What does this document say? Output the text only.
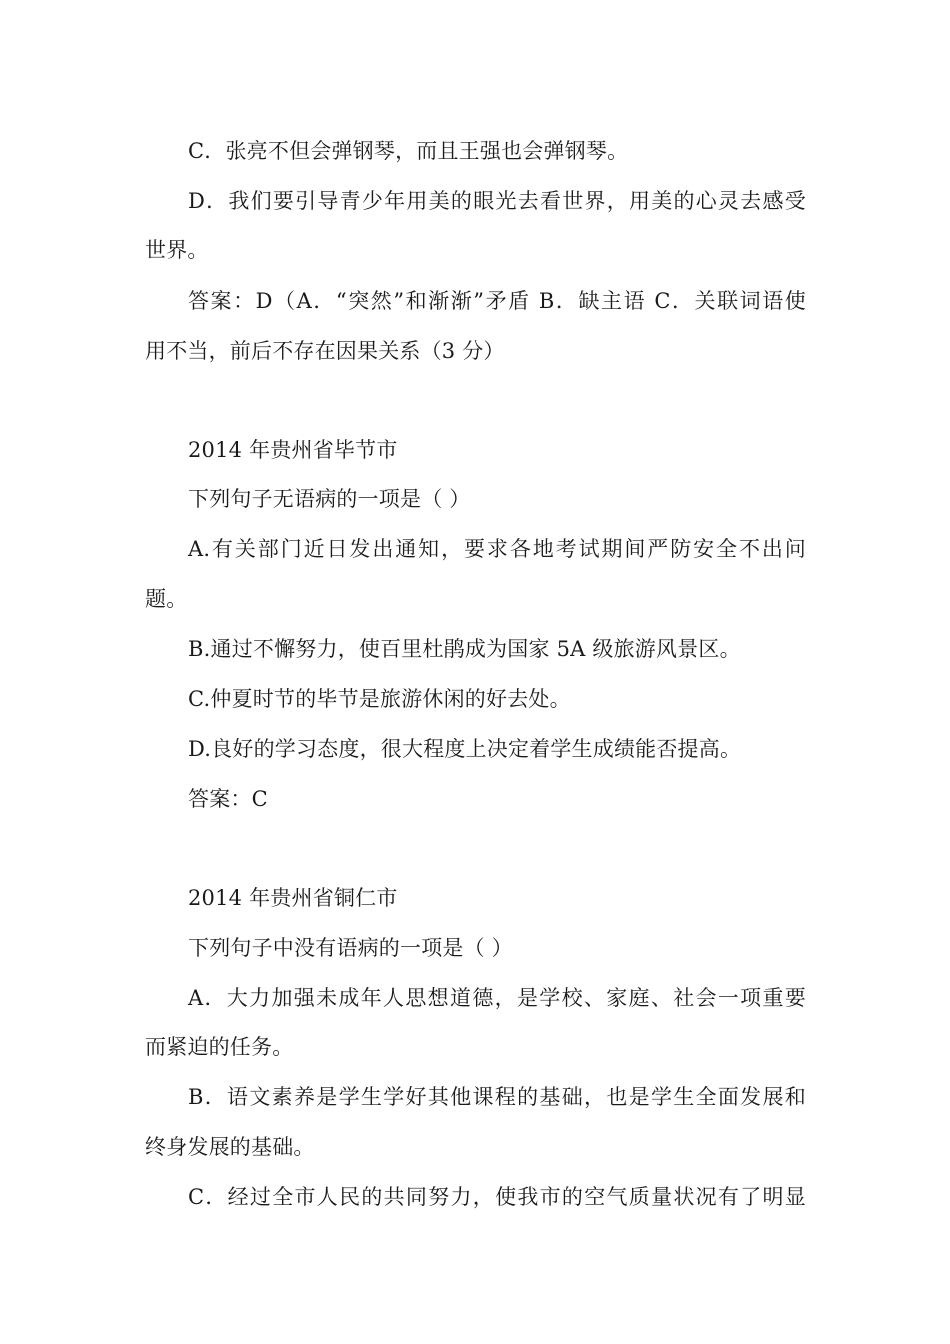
C．张亮不但会弹钢琴，而且王强也会弹钢琴。
D．我们要引导青少年用美的眼光去看世界，用美的心灵去感受
世界。
答案：D（A．“突然”和渐渐”矛盾 B．缺主语 C．关联词语使
用不当，前后不存在因果关系（3 分）
2014 年贵州省毕节市
下列句子无语病的一项是（ ）
A.有关部门近日发出通知，要求各地考试期间严防安全不出问
题。
B.通过不懈努力，使百里杜鹃成为国家 5A 级旅游风景区。
C.仲夏时节的毕节是旅游休闲的好去处。
D.良好的学习态度，很大程度上决定着学生成绩能否提高。
答案：C
2014 年贵州省铜仁市
下列句子中没有语病的一项是（ ）
A．大力加强未成年人思想道德，是学校、家庭、社会一项重要
而紧迫的任务。
B．语文素养是学生学好其他课程的基础，也是学生全面发展和
终身发展的基础。
C．经过全市人民的共同努力，使我市的空气质量状况有了明显
